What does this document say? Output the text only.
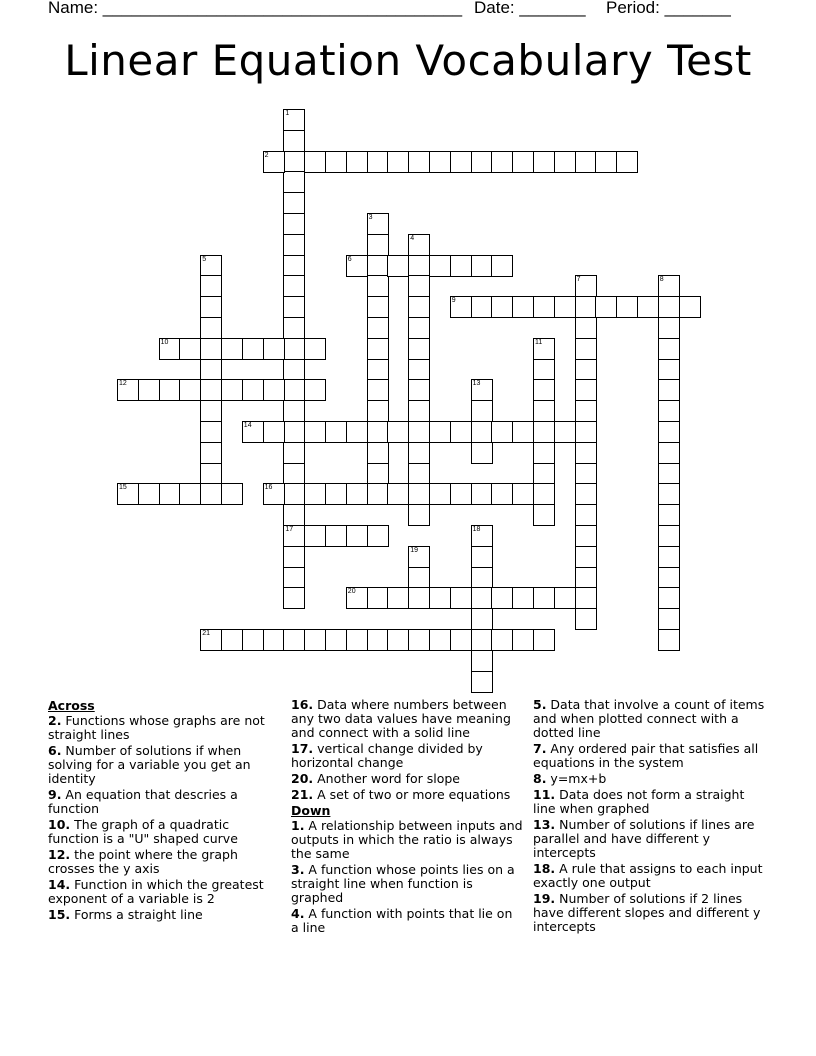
Name: ______________________________________ Date: _______ Period: _______
Linear Equation Vocabulary Test
1
17
2
3
4
5	6
7	8
9
10	11
12	13
14
15	16
18
19
20
21
Across
2. Functions whose graphs are not straight lines
6. Number of solutions if when solving for a variable you get an identity
9. An equation that descries a function
10. The graph of a quadratic function is a "U" shaped curve
12. the point where the graph crosses the y axis
14. Function in which the greatest exponent of a variable is 2
15. Forms a straight line
16. Data where numbers between any two data values have meaning and connect with a solid line
17. vertical change divided by horizontal change
20. Another word for slope
21. A set of two or more equations
Down
1. A relationship between inputs and outputs in which the ratio is always the same
3. A function whose points lies on a straight line when function is graphed
4. A function with points that lie on a line
5. Data that involve a count of items and when plotted connect with a dotted line
7. Any ordered pair that satisfies all equations in the system
8. y=mx+b
11. Data does not form a straight line when graphed
13. Number of solutions if lines are parallel and have different y intercepts
18. A rule that assigns to each input exactly one output
19. Number of solutions if 2 lines have different slopes and different y intercepts
